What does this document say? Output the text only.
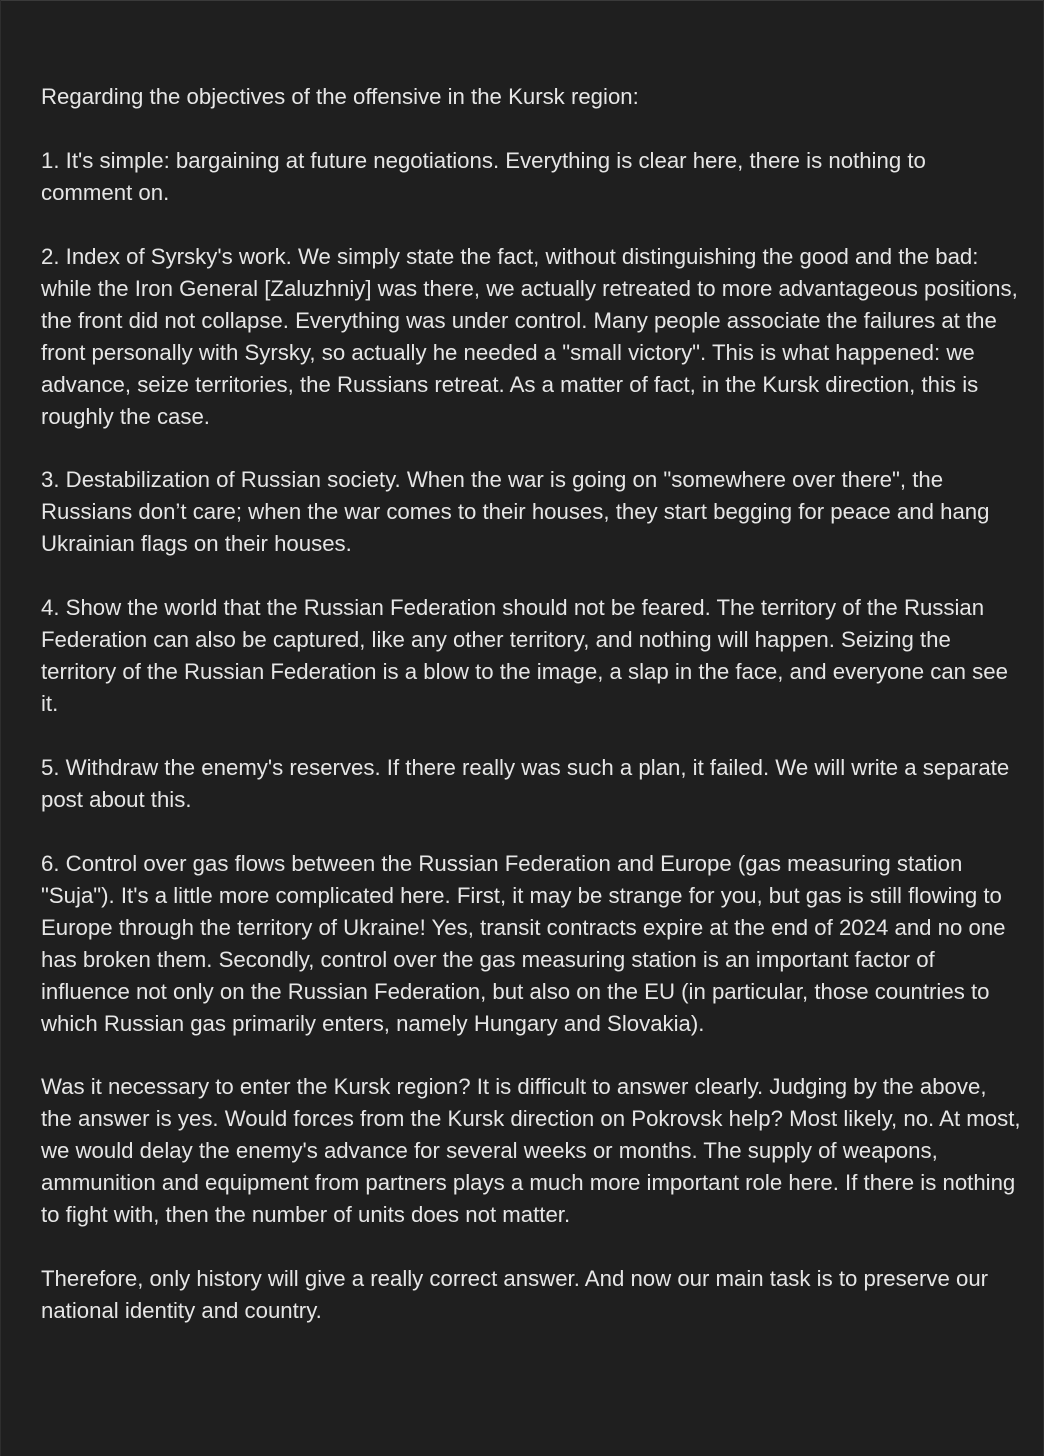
Regarding the objectives of the offensive in the Kursk region:

1. It's simple: bargaining at future negotiations. Everything is clear here, there is nothing to comment on.

2. Index of Syrsky's work. We simply state the fact, without distinguishing the good and the bad: while the Iron General [Zaluzhniy] was there, we actually retreated to more advantageous positions, the front did not collapse. Everything was under control. Many people associate the failures at the front personally with Syrsky, so actually he needed a "small victory". This is what happened: we advance, seize territories, the Russians retreat. As a matter of fact, in the Kursk direction, this is roughly the case.

3. Destabilization of Russian society. When the war is going on "somewhere over there", the Russians don’t care; when the war comes to their houses, they start begging for peace and hang Ukrainian flags on their houses.

4. Show the world that the Russian Federation should not be feared. The territory of the Russian Federation can also be captured, like any other territory, and nothing will happen. Seizing the territory of the Russian Federation is a blow to the image, a slap in the face, and everyone can see it.

5. Withdraw the enemy's reserves. If there really was such a plan, it failed. We will write a separate post about this.

6. Control over gas flows between the Russian Federation and Europe (gas measuring station "Suja"). It's a little more complicated here. First, it may be strange for you, but gas is still flowing to Europe through the territory of Ukraine! Yes, transit contracts expire at the end of 2024 and no one has broken them. Secondly, control over the gas measuring station is an important factor of influence not only on the Russian Federation, but also on the EU (in particular, those countries to which Russian gas primarily enters, namely Hungary and Slovakia).

Was it necessary to enter the Kursk region? It is difficult to answer clearly. Judging by the above, the answer is yes. Would forces from the Kursk direction on Pokrovsk help? Most likely, no. At most, we would delay the enemy's advance for several weeks or months. The supply of weapons, ammunition and equipment from partners plays a much more important role here. If there is nothing to fight with, then the number of units does not matter.

Therefore, only history will give a really correct answer. And now our main task is to preserve our national identity and country.
